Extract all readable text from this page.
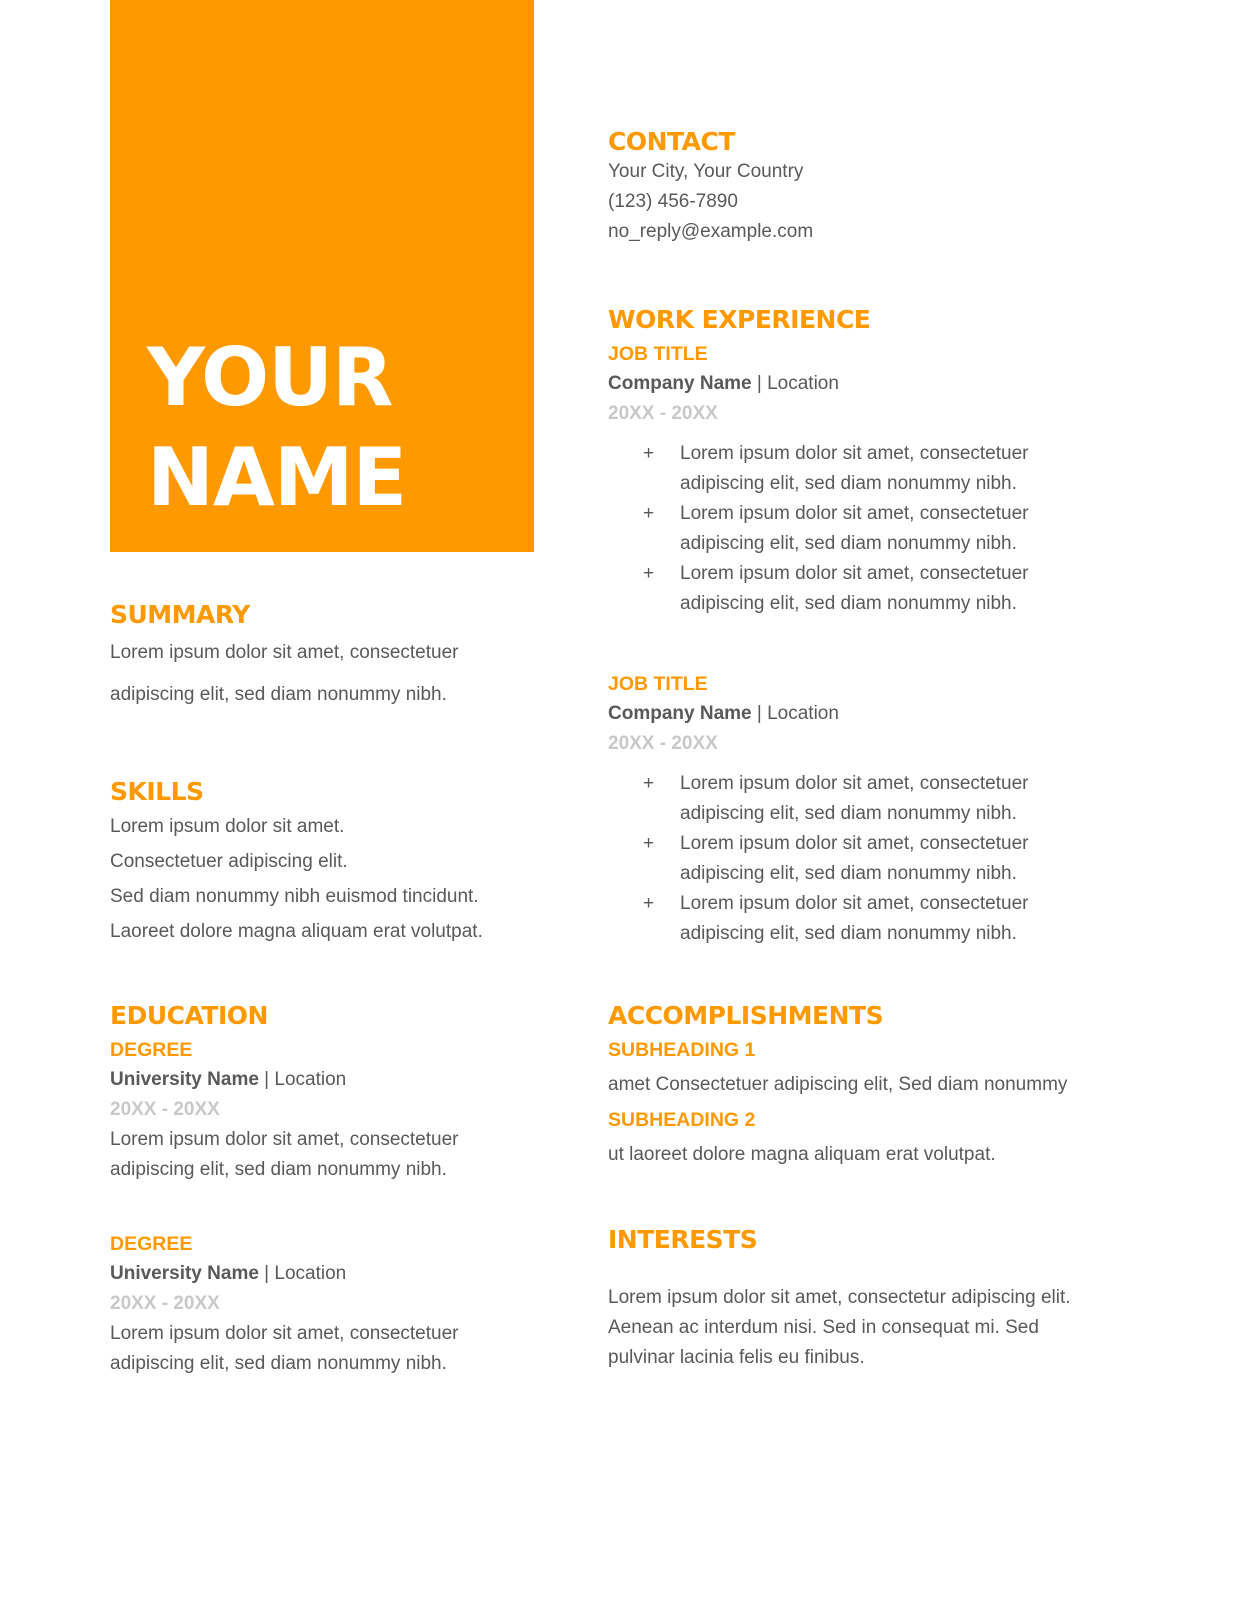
YOUR
NAME
SUMMARY

Lorem ipsum dolor sit amet, consectetuer adipiscing elit, sed diam nonummy nibh.

SKILLS

Lorem ipsum dolor sit amet.

Consectetuer adipiscing elit.

Sed diam nonummy nibh euismod tincidunt.

Laoreet dolore magna aliquam erat volutpat.

EDUCATION

DEGREE

University Name | Location

20XX - 20XX

Lorem ipsum dolor sit amet, consectetuer adipiscing elit, sed diam nonummy nibh.

DEGREE

University Name | Location

20XX - 20XX

Lorem ipsum dolor sit amet, consectetuer adipiscing elit, sed diam nonummy nibh.

CONTACT

Your City, Your Country

(123) 456-7890

no_reply@example.com

WORK EXPERIENCE

JOB TITLE

Company Name | Location

20XX - 20XX

+ Lorem ipsum dolor sit amet, consectetuer adipiscing elit, sed diam nonummy nibh.
+ Lorem ipsum dolor sit amet, consectetuer adipiscing elit, sed diam nonummy nibh.
+ Lorem ipsum dolor sit amet, consectetuer adipiscing elit, sed diam nonummy nibh.

JOB TITLE

Company Name | Location

20XX - 20XX

+ Lorem ipsum dolor sit amet, consectetuer adipiscing elit, sed diam nonummy nibh.
+ Lorem ipsum dolor sit amet, consectetuer adipiscing elit, sed diam nonummy nibh.
+ Lorem ipsum dolor sit amet, consectetuer adipiscing elit, sed diam nonummy nibh.
ACCOMPLISHMENTS

SUBHEADING 1

amet Consectetuer adipiscing elit, Sed diam nonummy

SUBHEADING 2

ut laoreet dolore magna aliquam erat volutpat.

INTERESTS

Lorem ipsum dolor sit amet, consectetur adipiscing elit. Aenean ac interdum nisi. Sed in consequat mi. Sed pulvinar lacinia felis eu finibus.
